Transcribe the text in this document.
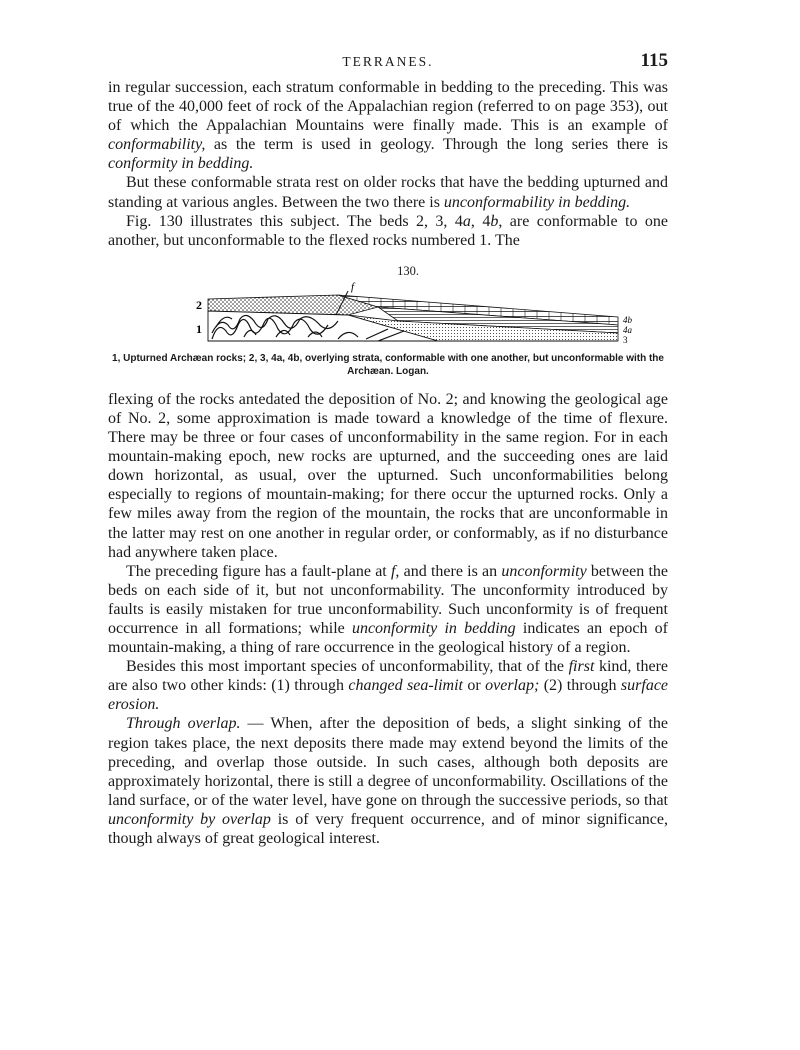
TERRANES.	115

in regular succession, each stratum conformable in bedding to the preceding. This was true of the 40,000 feet of rock of the Appalachian region (referred to on page 353), out of which the Appalachian Mountains were finally made. This is an example of conformability, as the term is used in geology. Through the long series there is conformity in bedding.

But these conformable strata rest on older rocks that have the bedding upturned and standing at various angles. Between the two there is unconformability in bedding.

Fig. 130 illustrates this subject. The beds 2, 3, 4a, 4b, are conformable to one another, but unconformable to the flexed rocks numbered 1. The

130.
f
2
1
4b
4a
3
1, Upturned Archæan rocks; 2, 3, 4a, 4b, overlying strata, conformable with one another, but unconformable with the Archæan. Logan.

flexing of the rocks antedated the deposition of No. 2; and knowing the geological age of No. 2, some approximation is made toward a knowledge of the time of flexure. There may be three or four cases of unconformability in the same region. For in each mountain-making epoch, new rocks are upturned, and the succeeding ones are laid down horizontal, as usual, over the upturned. Such unconformabilities belong especially to regions of mountain-making; for there occur the upturned rocks. Only a few miles away from the region of the mountain, the rocks that are unconformable in the latter may rest on one another in regular order, or conformably, as if no disturbance had anywhere taken place.

The preceding figure has a fault-plane at f, and there is an unconformity between the beds on each side of it, but not unconformability. The unconformity introduced by faults is easily mistaken for true unconformability. Such unconformity is of frequent occurrence in all formations; while unconformity in bedding indicates an epoch of mountain-making, a thing of rare occurrence in the geological history of a region.

Besides this most important species of unconformability, that of the first kind, there are also two other kinds: (1) through changed sea-limit or overlap; (2) through surface erosion.

Through overlap. — When, after the deposition of beds, a slight sinking of the region takes place, the next deposits there made may extend beyond the limits of the preceding, and overlap those outside. In such cases, although both deposits are approximately horizontal, there is still a degree of unconformability. Oscillations of the land surface, or of the water level, have gone on through the successive periods, so that unconformity by overlap is of very frequent occurrence, and of minor significance, though always of great geological interest.
